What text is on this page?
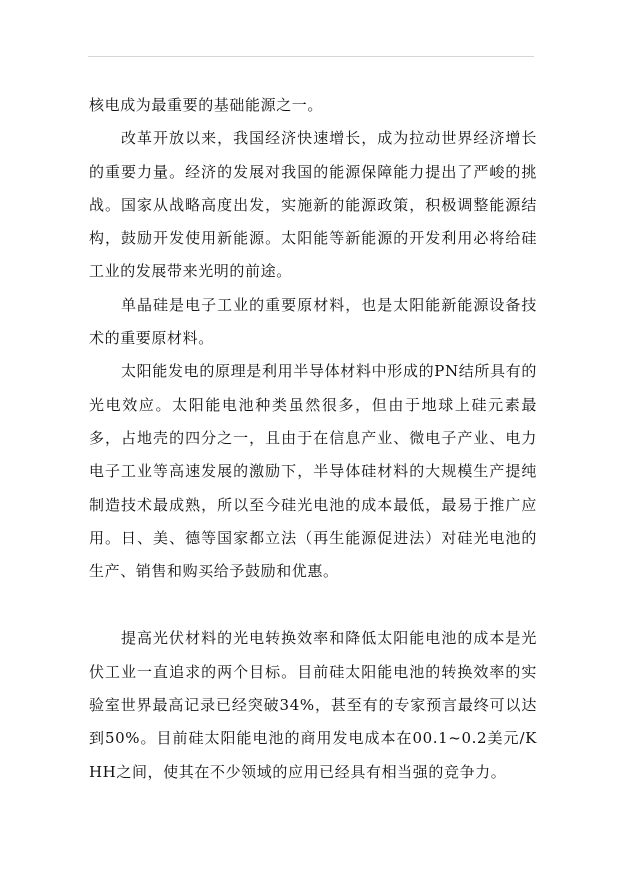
核电成为最重要的基础能源之一。

改革开放以来，我国经济快速增长，成为拉动世界经济增长的重要力量。经济的发展对我国的能源保障能力提出了严峻的挑战。国家从战略高度出发，实施新的能源政策，积极调整能源结构，鼓励开发使用新能源。太阳能等新能源的开发利用必将给硅工业的发展带来光明的前途。

单晶硅是电子工业的重要原材料，也是太阳能新能源设备技术的重要原材料。

太阳能发电的原理是利用半导体材料中形成的PN结所具有的光电效应。太阳能电池种类虽然很多，但由于地球上硅元素最多，占地壳的四分之一，且由于在信息产业、微电子产业、电力电子工业等高速发展的激励下，半导体硅材料的大规模生产提纯制造技术最成熟，所以至今硅光电池的成本最低，最易于推广应用。日、美、德等国家都立法（再生能源促进法）对硅光电池的生产、销售和购买给予鼓励和优惠。

提高光伏材料的光电转换效率和降低太阳能电池的成本是光伏工业一直追求的两个目标。目前硅太阳能电池的转换效率的实验室世界最高记录已经突破34%，甚至有的专家预言最终可以达到50%。目前硅太阳能电池的商用发电成本在00.1~0.2美元/KHH之间，使其在不少领域的应用已经具有相当强的竞争力。
